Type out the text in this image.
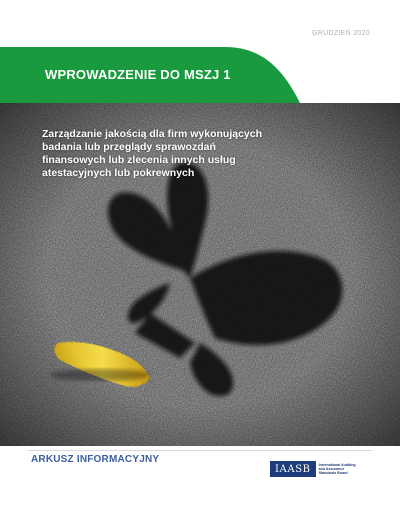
GRUDZIEŃ 2020
WPROWADZENIE DO MSZJ 1
Zarządzanie jakością dla firm wykonujących badania lub przeglądy sprawozdań finansowych lub zlecenia innych usług atestacyjnych lub pokrewnych
ARKUSZ INFORMACYJNY
IAASB	International Auditing and Assurance Standards Board
